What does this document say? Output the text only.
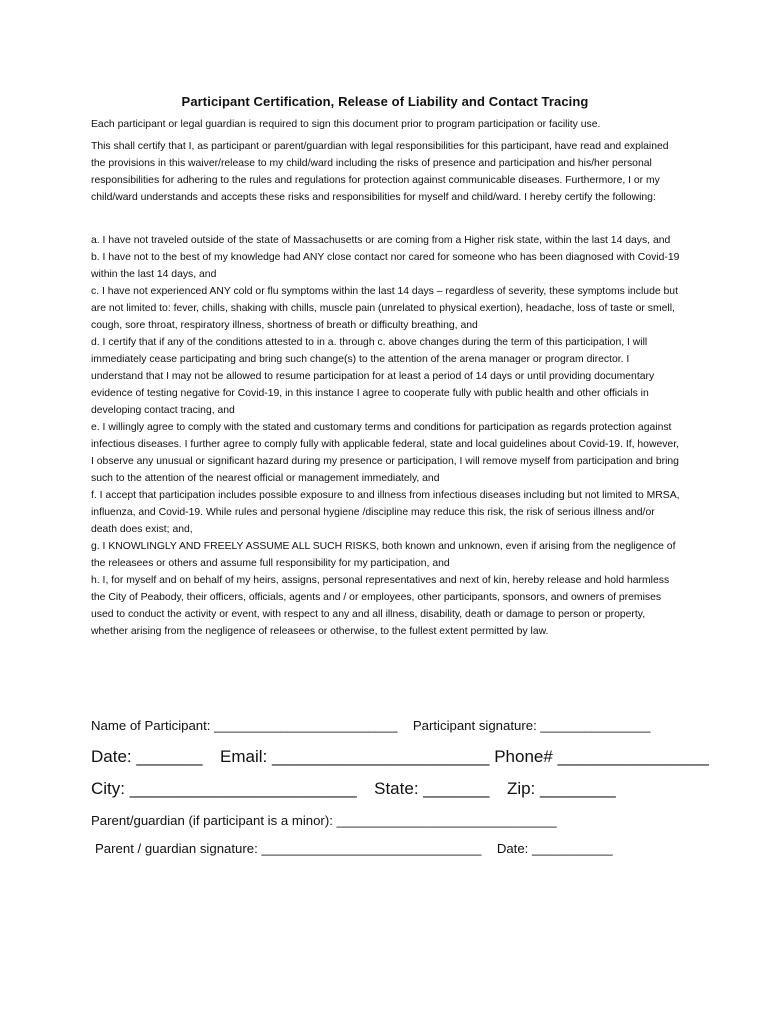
Participant Certification, Release of Liability and Contact Tracing
Each participant or legal guardian is required to sign this document prior to program participation or facility use.
This shall certify that I, as participant or parent/guardian with legal responsibilities for this participant, have read and explained the provisions in this waiver/release to my child/ward including the risks of presence and participation and his/her personal responsibilities for adhering to the rules and regulations for protection against communicable diseases. Furthermore, I or my child/ward understands and accepts these risks and responsibilities for myself and child/ward. I hereby certify the following:

a. I have not traveled outside of the state of Massachusetts or are coming from a Higher risk state, within the last 14 days, and

b. I have not to the best of my knowledge had ANY close contact nor cared for someone who has been diagnosed with Covid-19 within the last 14 days, and

c. I have not experienced ANY cold or flu symptoms within the last 14 days – regardless of severity, these symptoms include but are not limited to: fever, chills, shaking with chills, muscle pain (unrelated to physical exertion), headache, loss of taste or smell, cough, sore throat, respiratory illness, shortness of breath or difficulty breathing, and

d. I certify that if any of the conditions attested to in a. through c. above changes during the term of this participation, I will immediately cease participating and bring such change(s) to the attention of the arena manager or program director. I understand that I may not be allowed to resume participation for at least a period of 14 days or until providing documentary evidence of testing negative for Covid-19, in this instance I agree to cooperate fully with public health and other officials in developing contact tracing, and

e. I willingly agree to comply with the stated and customary terms and conditions for participation as regards protection against infectious diseases. I further agree to comply fully with applicable federal, state and local guidelines about Covid-19. If, however, I observe any unusual or significant hazard during my presence or participation, I will remove myself from participation and bring such to the attention of the nearest official or management immediately, and

f. I accept that participation includes possible exposure to and illness from infectious diseases including but not limited to MRSA, influenza, and Covid-19. While rules and personal hygiene /discipline may reduce this risk, the risk of serious illness and/or death does exist; and,

g. I KNOWLINGLY AND FREELY ASSUME ALL SUCH RISKS, both known and unknown, even if arising from the negligence of the releasees or others and assume full responsibility for my participation, and

h. I, for myself and on behalf of my heirs, assigns, personal representatives and next of kin, hereby release and hold harmless the City of Peabody, their officers, officials, agents and / or employees, other participants, sponsors, and owners of premises used to conduct the activity or event, with respect to any and all illness, disability, death or damage to person or property, whether arising from the negligence of releasees or otherwise, to the fullest extent permitted by law.

Name of Participant: _________________________ Participant signature: _______________
Date: _______ Email: _______________________ Phone# ________________
City: ________________________ State: _______ Zip: ________
Parent/guardian (if participant is a minor): ______________________________
Parent / guardian signature: ______________________________ Date: ___________
